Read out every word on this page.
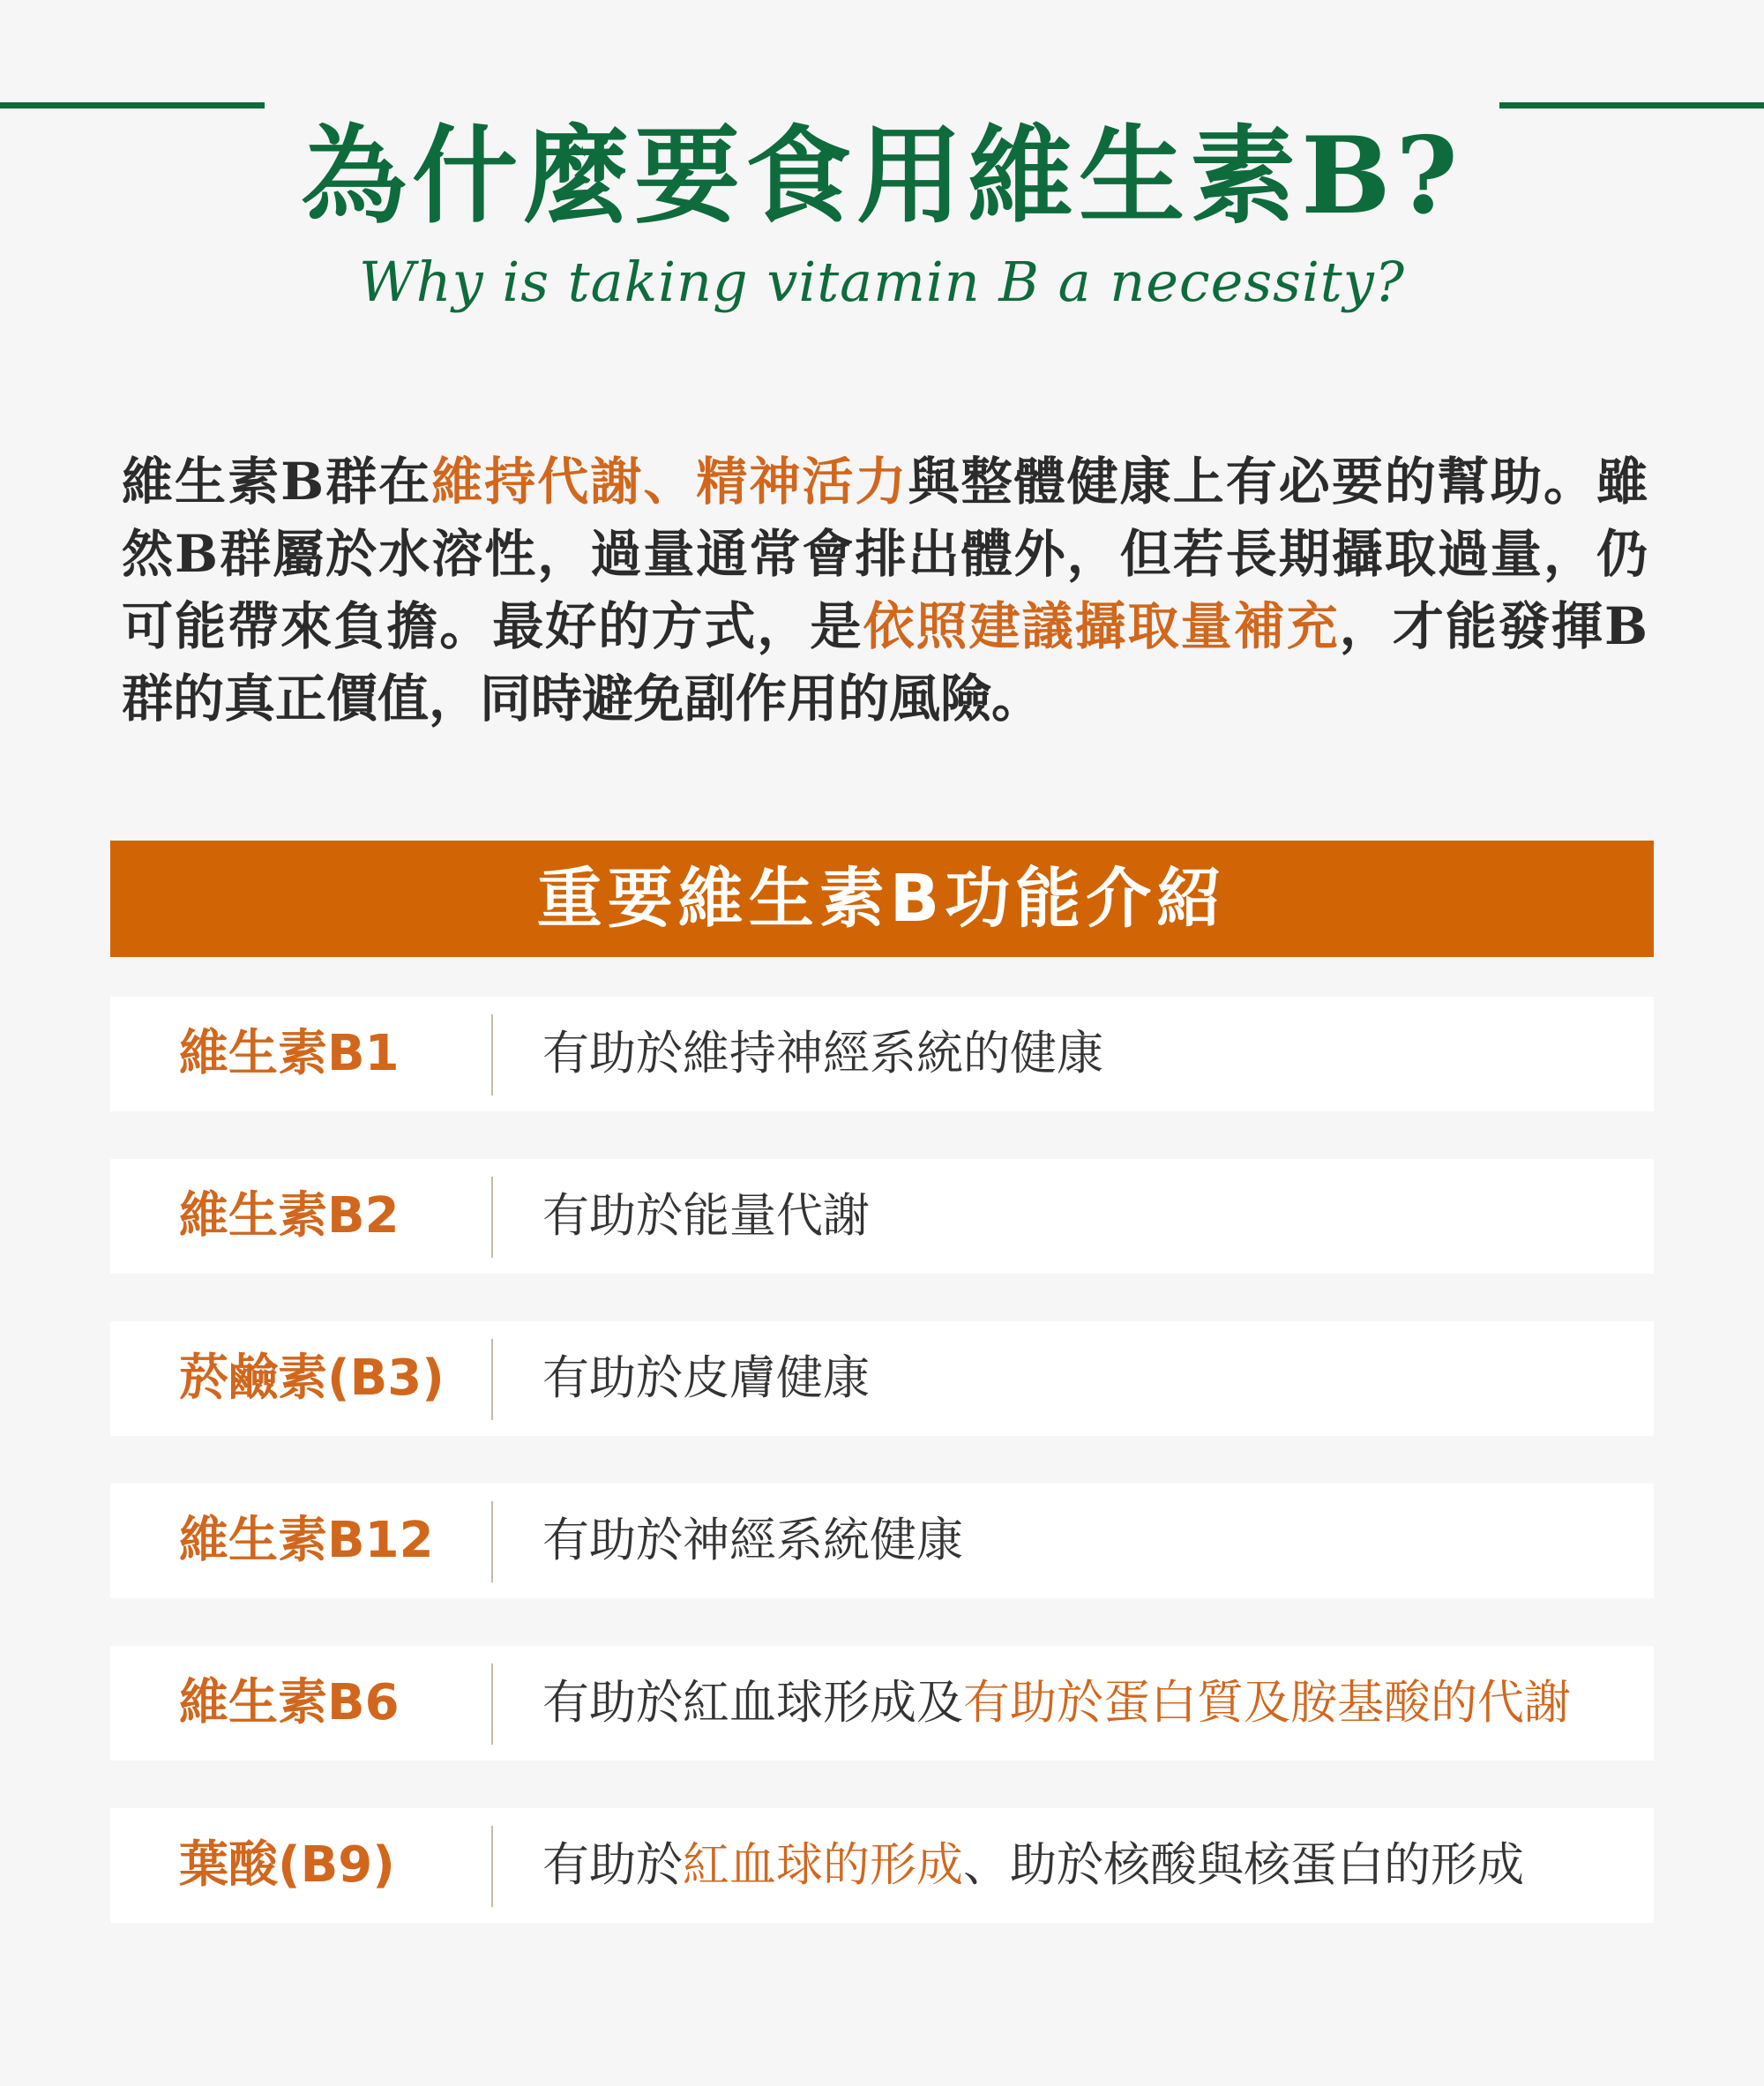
為什麼要食用維生素B?
Why is taking vitamin B a necessity?

維生素B群在維持代謝、精神活力與整體健康上有必要的幫助。雖然B群屬於水溶性，過量通常會排出體外，但若長期攝取過量，仍可能帶來負擔。最好的方式，是依照建議攝取量補充，才能發揮B群的真正價值，同時避免副作用的風險。

重要維生素B功能介紹
維生素B1	有助於維持神經系統的健康
維生素B2	有助於能量代謝
菸鹼素(B3) 有助於皮膚健康
維生素B12 有助於神經系統健康
維生素B6	有助於紅血球形成及有助於蛋白質及胺基酸的代謝
葉酸(B9)	有助於紅血球的形成、助於核酸與核蛋白的形成
